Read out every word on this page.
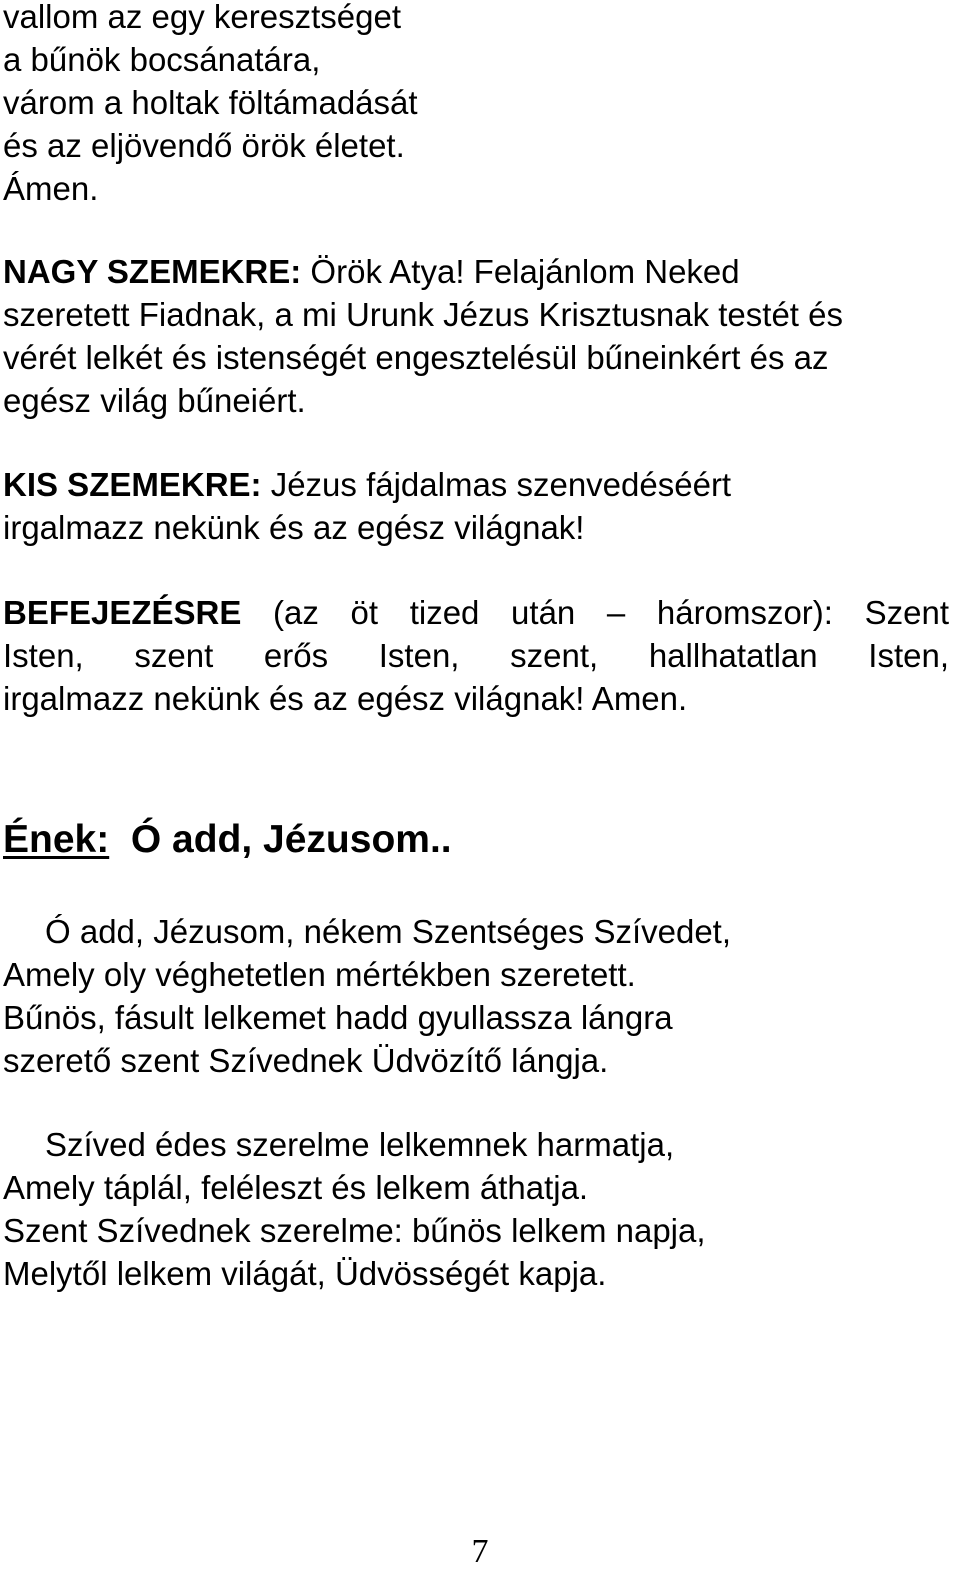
vallom az egy keresztséget
a bűnök bocsánatára,
várom a holtak föltámadását
és az eljövendő örök életet.
Ámen.
NAGY SZEMEKRE: Örök Atya! Felajánlom Neked
szeretett Fiadnak, a mi Urunk Jézus Krisztusnak testét és
vérét lelkét és istenségét engesztelésül bűneinkért és az
egész világ bűneiért.
KIS SZEMEKRE: Jézus fájdalmas szenvedéséért
irgalmazz nekünk és az egész világnak!
BEFEJEZÉSRE (az öt tized után – háromszor): Szent
Isten, szent erős Isten, szent, hallhatatlan Isten,
irgalmazz nekünk és az egész világnak! Amen.
Ének: Ó add, Jézusom..
Ó add, Jézusom, nékem Szentséges Szívedet,
Amely oly véghetetlen mértékben szeretett.
Bűnös, fásult lelkemet hadd gyullassza lángra
szerető szent Szívednek Üdvözítő lángja.
Szíved édes szerelme lelkemnek harmatja,
Amely táplál, feléleszt és lelkem áthatja.
Szent Szívednek szerelme: bűnös lelkem napja,
Melytől lelkem világát, Üdvösségét kapja.
7
